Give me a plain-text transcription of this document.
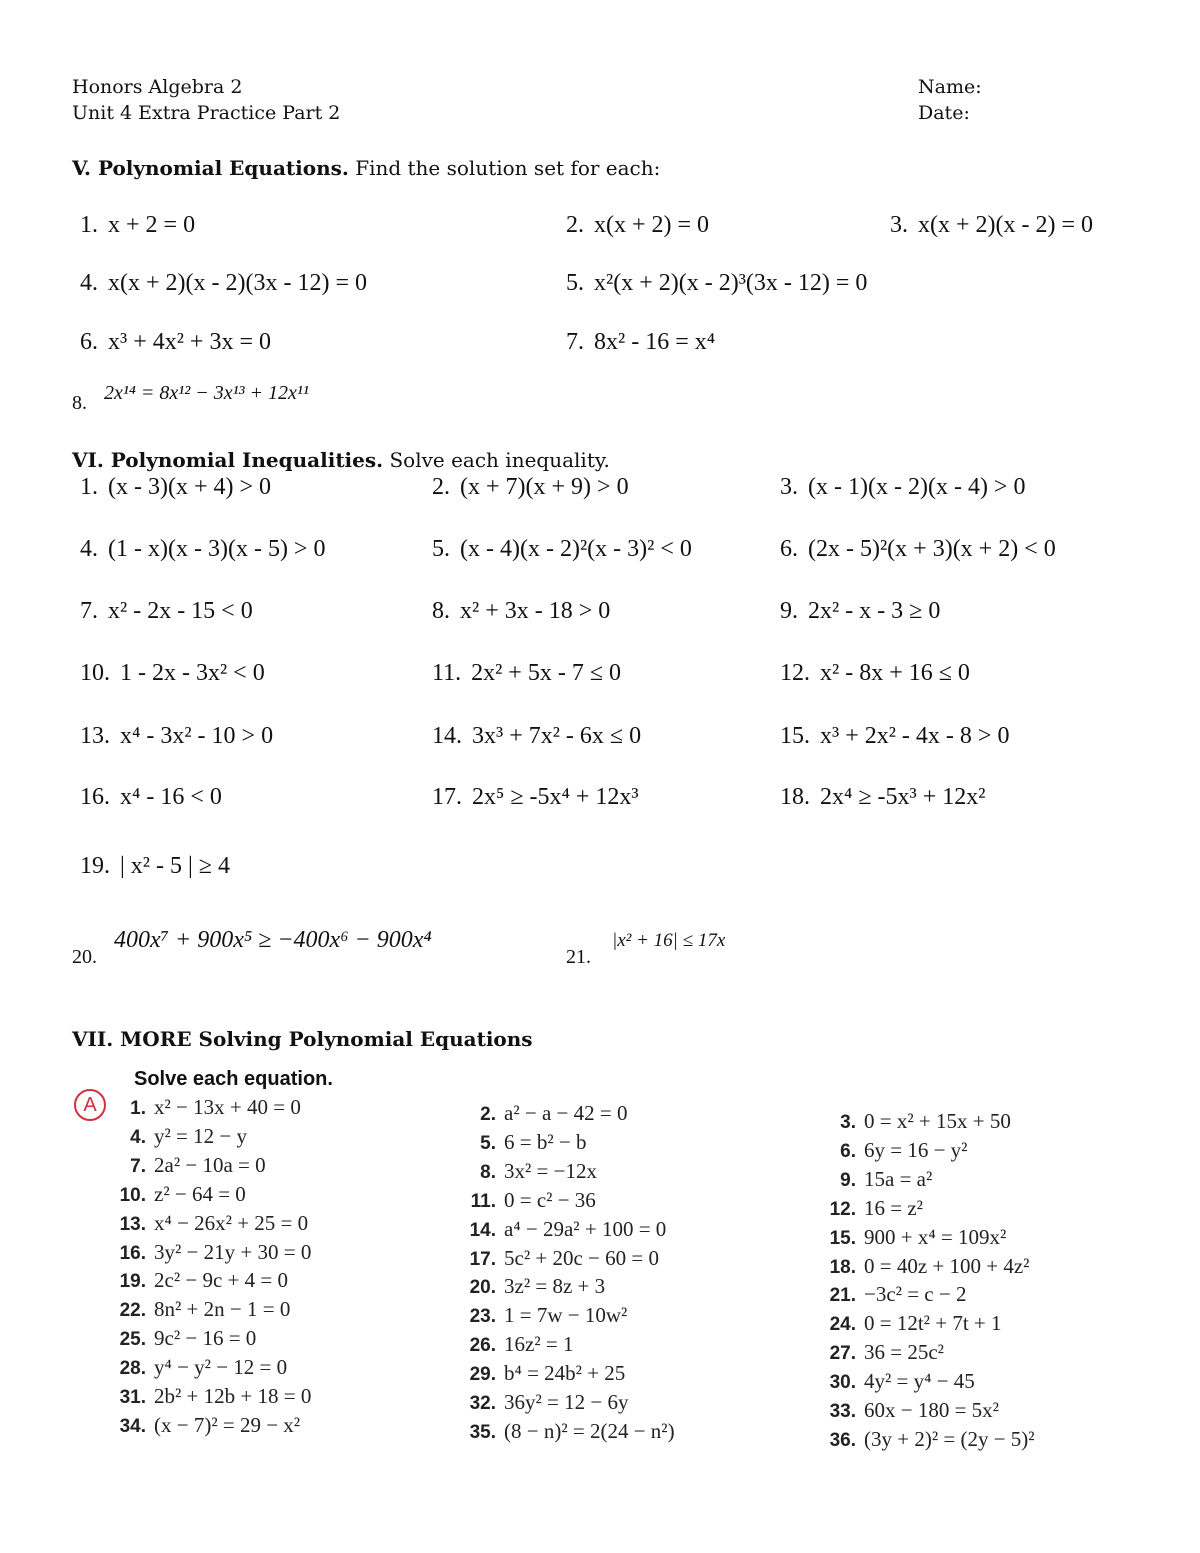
Honors Algebra 2
Unit 4 Extra Practice Part 2
Name:
Date:
V. Polynomial Equations. Find the solution set for each:
1. x + 2 = 0	2. x(x + 2) = 0	3. x(x + 2)(x - 2) = 0
4. x(x + 2)(x - 2)(3x - 12) = 0	5. x²(x + 2)(x - 2)³(3x - 12) = 0
6. x³ + 4x² + 3x = 0	7. 8x² - 16 = x⁴
8. 2x¹⁴ = 8x¹² − 3x¹³ + 12x¹¹
VI. Polynomial Inequalities. Solve each inequality.
1. (x - 3)(x + 4) > 0	2. (x + 7)(x + 9) > 0	3. (x - 1)(x - 2)(x - 4) > 0
4. (1 - x)(x - 3)(x - 5) > 0	5. (x - 4)(x - 2)²(x - 3)² < 0	6. (2x - 5)²(x + 3)(x + 2) < 0
7. x² - 2x - 15 < 0	8. x² + 3x - 18 > 0	9. 2x² - x - 3 ≥ 0
10. 1 - 2x - 3x² < 0	11. 2x² + 5x - 7 ≤ 0	12. x² - 8x + 16 ≤ 0
13. x⁴ - 3x² - 10 > 0	14. 3x³ + 7x² - 6x ≤ 0	15. x³ + 2x² - 4x - 8 > 0
16. x⁴ - 16 < 0	17. 2x⁵ ≥ -5x⁴ + 12x³	18. 2x⁴ ≥ -5x³ + 12x²
19. | x² - 5 | ≥ 4
20.
400x⁷ + 900x⁵ ≥ −400x⁶ − 900x⁴
21.
|x² + 16| ≤ 17x
VII. MORE Solving Polynomial Equations
A
Solve each equation.
1. x² − 13x + 40 = 0
4. y² = 12 − y
7. 2a² − 10a = 0
10. z² − 64 = 0
13. x⁴ − 26x² + 25 = 0
16. 3y² − 21y + 30 = 0
19. 2c² − 9c + 4 = 0
22. 8n² + 2n − 1 = 0
25. 9c² − 16 = 0
28. y⁴ − y² − 12 = 0
31. 2b² + 12b + 18 = 0
34. (x − 7)² = 29 − x²
2. a² − a − 42 = 0
5. 6 = b² − b
8. 3x² = −12x
11. 0 = c² − 36
14. a⁴ − 29a² + 100 = 0
17. 5c² + 20c − 60 = 0
20. 3z² = 8z + 3
23. 1 = 7w − 10w²
26. 16z² = 1
29. b⁴ = 24b² + 25
32. 36y² = 12 − 6y
35. (8 − n)² = 2(24 − n²)
3. 0 = x² + 15x + 50
6. 6y = 16 − y²
9. 15a = a²
12. 16 = z²
15. 900 + x⁴ = 109x²
18. 0 = 40z + 100 + 4z²
21. −3c² = c − 2
24. 0 = 12t² + 7t + 1
27. 36 = 25c²
30. 4y² = y⁴ − 45
33. 60x − 180 = 5x²
36. (3y + 2)² = (2y − 5)²
